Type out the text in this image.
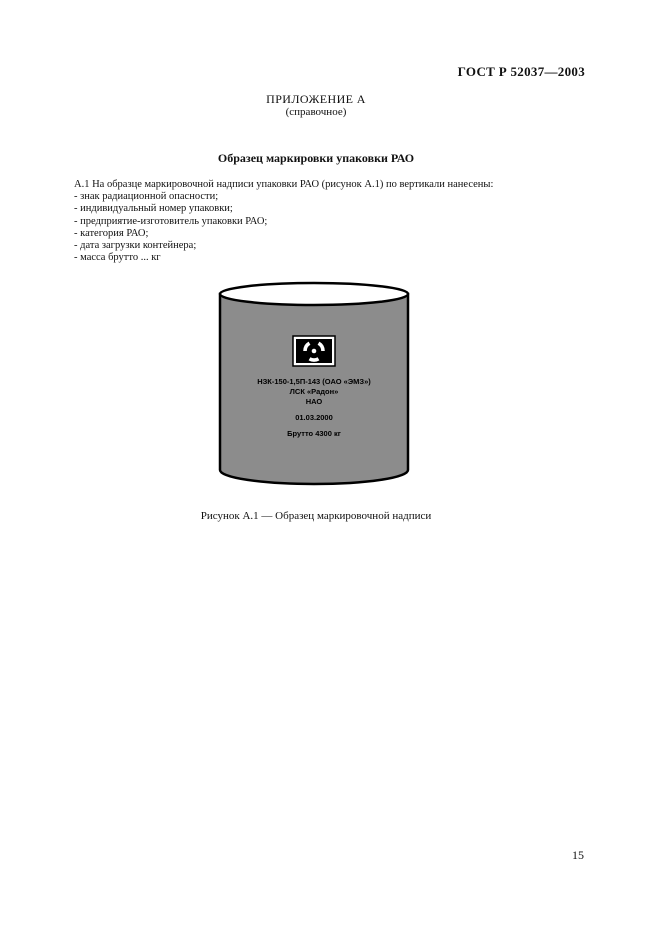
ГОСТ Р 52037—2003
ПРИЛОЖЕНИЕ А
(справочное)
Образец маркировки упаковки РАО
А.1 На образце маркировочной надписи упаковки РАО (рисунок А.1) по вертикали нанесены:
- знак радиационной опасности;
- индивидуальный номер упаковки;
- предприятие-изготовитель упаковки РАО;
- категория РАО;
- дата загрузки контейнера;
- масса брутто ... кг
НЗК-150-1,5П-143 (ОАО «ЭМЗ»)
ЛСК «Радон»
НАО
01.03.2000
Брутто 4300 кг
Рисунок А.1 — Образец маркировочной надписи
15
